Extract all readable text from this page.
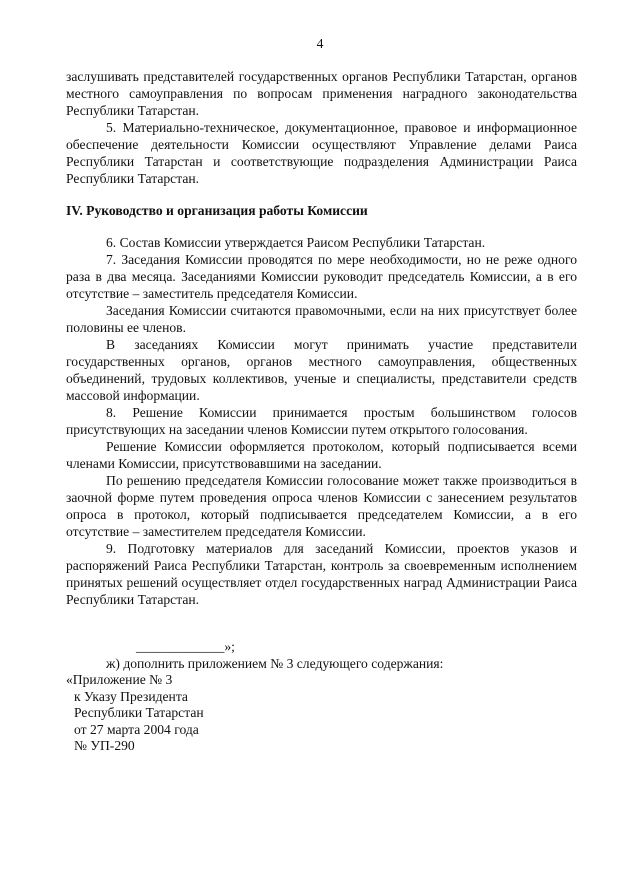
4

заслушивать представителей государственных органов Республики Татарстан, органов местного самоуправления по вопросам применения наградного законодательства Республики Татарстан.

5. Материально-техническое, документационное, правовое и информационное обеспечение деятельности Комиссии осуществляют Управление делами Раиса Республики Татарстан и соответствующие подразделения Администрации Раиса Республики Татарстан.

IV. Руководство и организация работы Комиссии

6. Состав Комиссии утверждается Раисом Республики Татарстан.

7. Заседания Комиссии проводятся по мере необходимости, но не реже одного раза в два месяца. Заседаниями Комиссии руководит председатель Комиссии, а в его отсутствие – заместитель председателя Комиссии.

Заседания Комиссии считаются правомочными, если на них присутствует более половины ее членов.

В заседаниях Комиссии могут принимать участие представители государственных органов, органов местного самоуправления, общественных объединений, трудовых коллективов, ученые и специалисты, представители средств массовой информации.

8. Решение Комиссии принимается простым большинством голосов присутствующих на заседании членов Комиссии путем открытого голосования.

Решение Комиссии оформляется протоколом, который подписывается всеми членами Комиссии, присутствовавшими на заседании.

По решению председателя Комиссии голосование может также производиться в заочной форме путем проведения опроса членов Комиссии с занесением результатов опроса в протокол, который подписывается председателем Комиссии, а в его отсутствие – заместителем председателя Комиссии.

9. Подготовку материалов для заседаний Комиссии, проектов указов и распоряжений Раиса Республики Татарстан, контроль за своевременным исполнением принятых решений осуществляет отдел государственных наград Администрации Раиса Республики Татарстан.

_____________»;

ж) дополнить приложением № 3 следующего содержания:

«Приложение № 3

к Указу Президента

Республики Татарстан

от 27 марта 2004 года

№ УП-290
